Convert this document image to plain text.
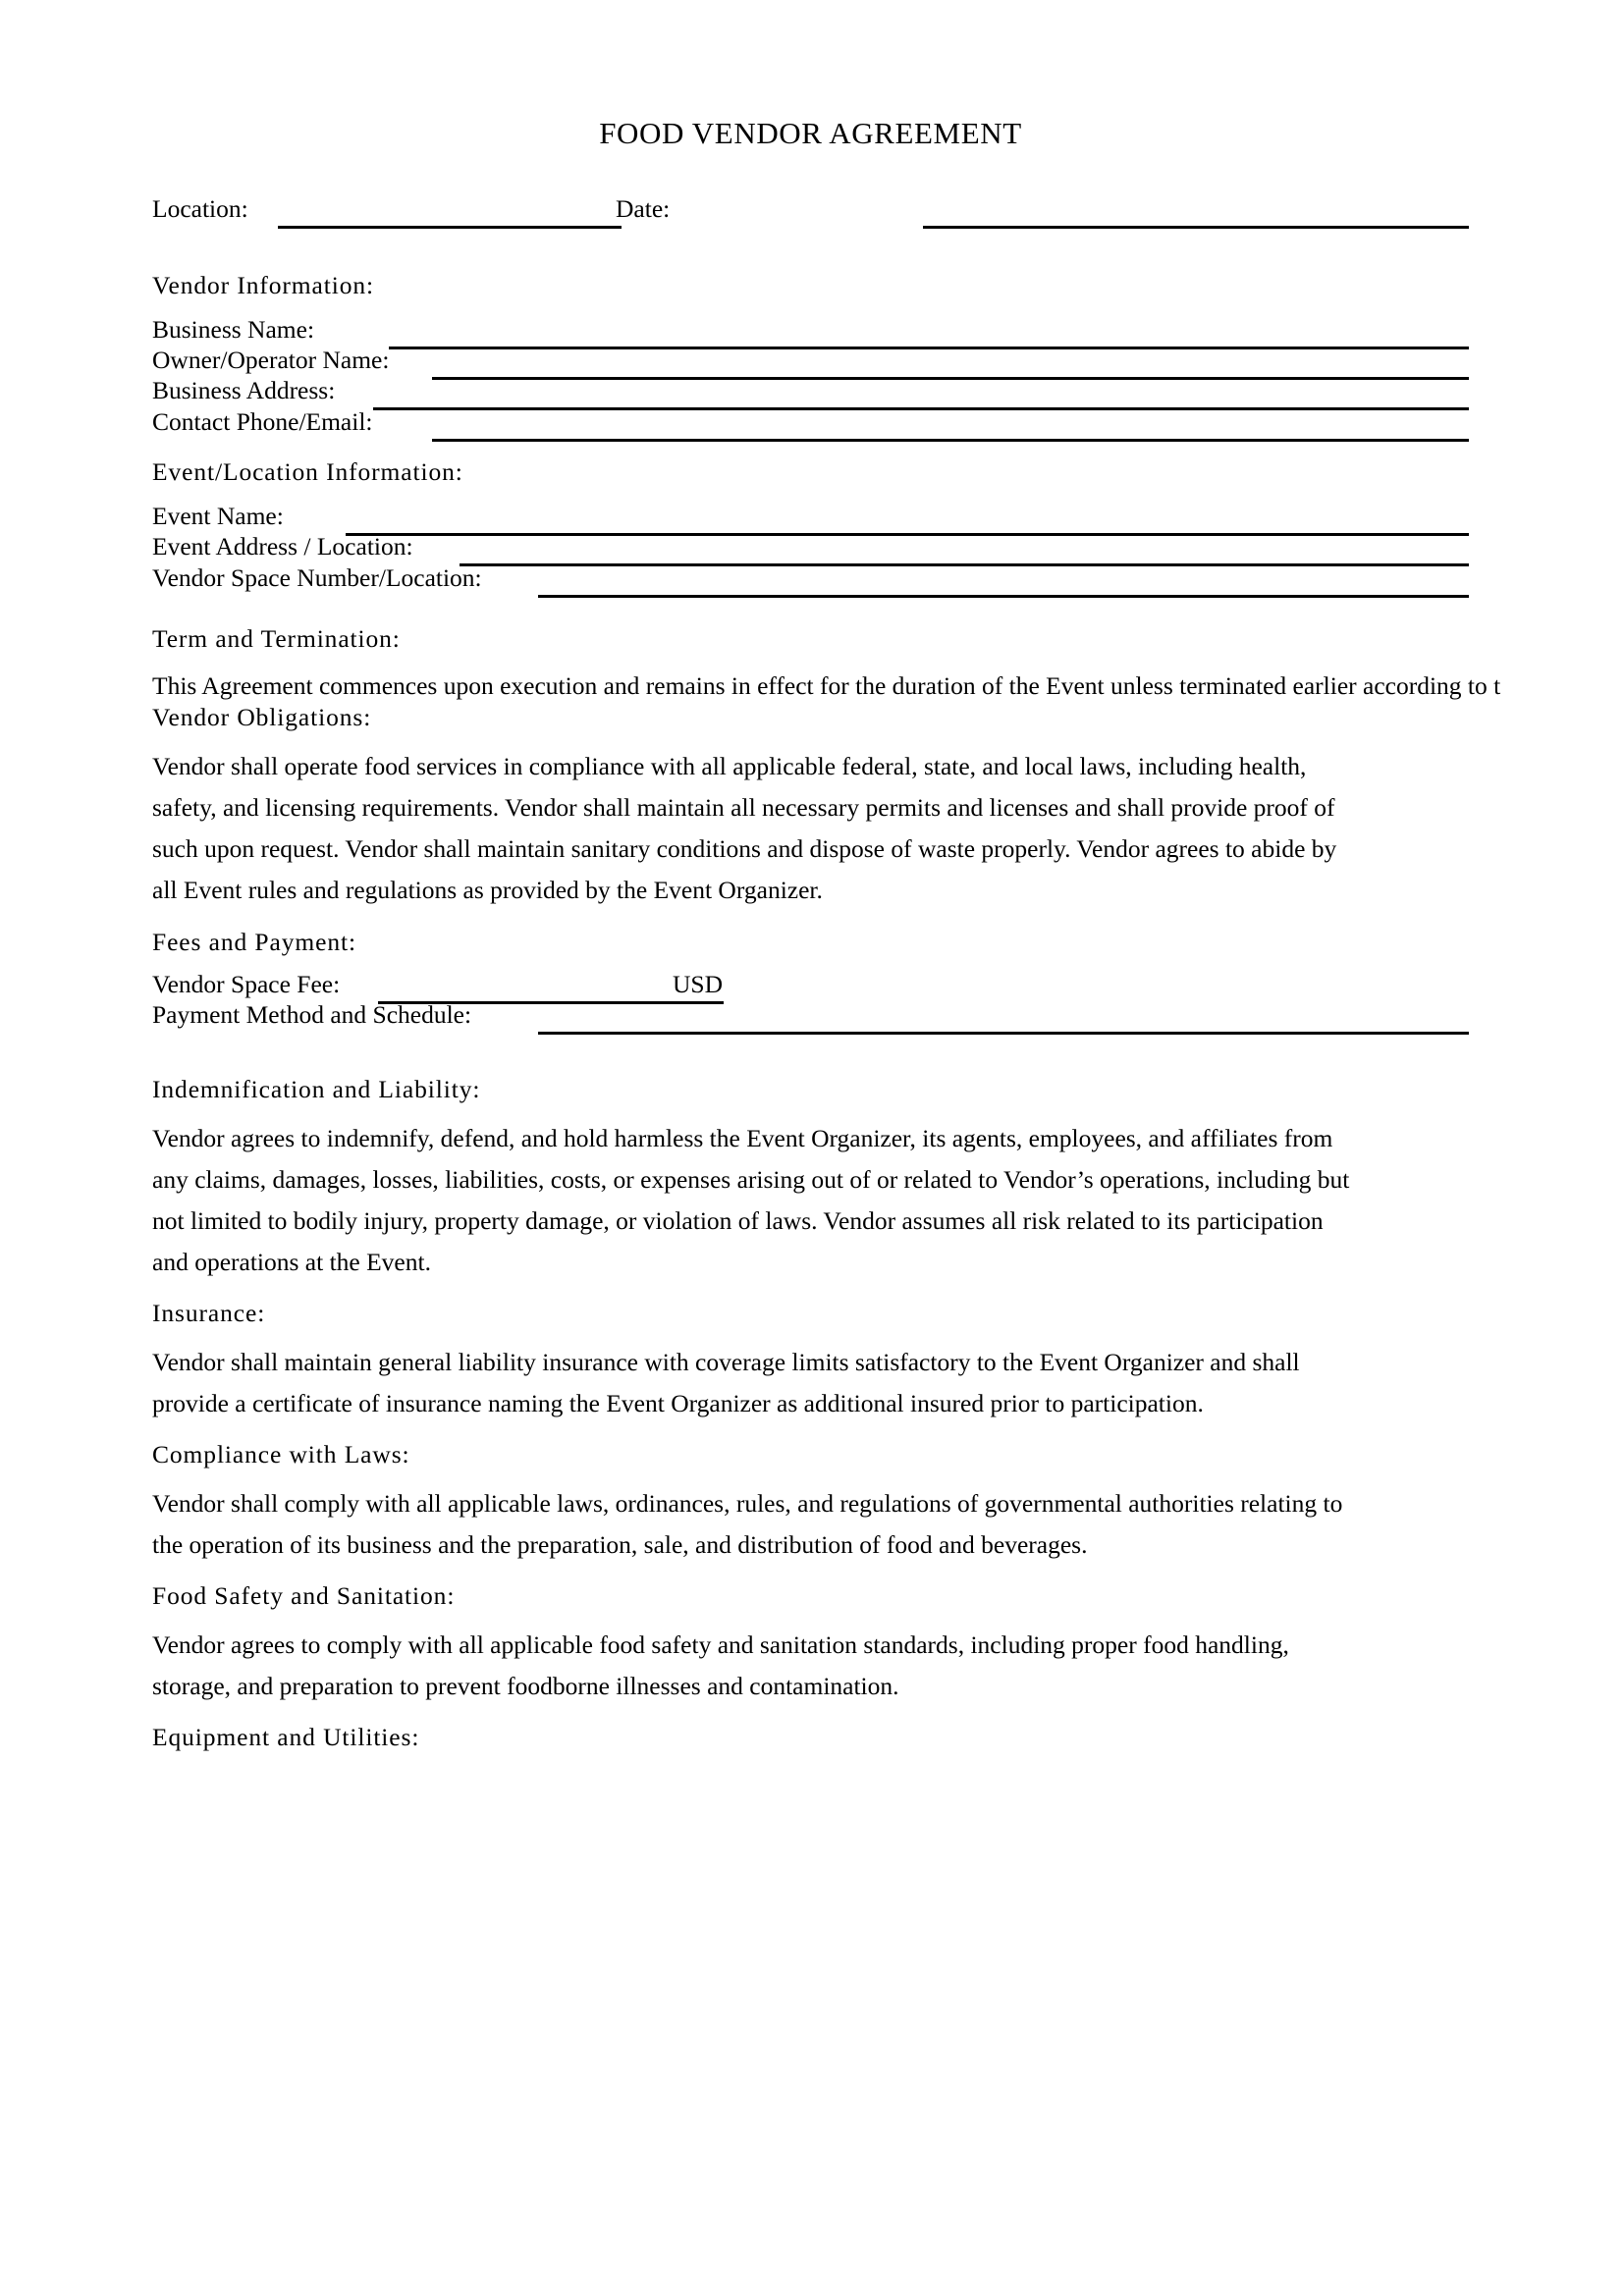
FOOD VENDOR AGREEMENT
Location:	Date:
Vendor Information:
Business Name:
Owner/Operator Name:
Business Address:
Contact Phone/Email:
Event/Location Information:
Event Name:
Event Address / Location:
Vendor Space Number/Location:
Term and Termination:
This Agreement commences upon execution and remains in effect for the duration of the Event unless terminated earlier according to t
Vendor Obligations:
Vendor shall operate food services in compliance with all applicable federal, state, and local laws, including health,
safety, and licensing requirements. Vendor shall maintain all necessary permits and licenses and shall provide proof of
such upon request. Vendor shall maintain sanitary conditions and dispose of waste properly. Vendor agrees to abide by
all Event rules and regulations as provided by the Event Organizer.
Fees and Payment:
Vendor Space Fee:	USD
Payment Method and Schedule:
Indemnification and Liability:
Vendor agrees to indemnify, defend, and hold harmless the Event Organizer, its agents, employees, and affiliates from
any claims, damages, losses, liabilities, costs, or expenses arising out of or related to Vendor’s operations, including but
not limited to bodily injury, property damage, or violation of laws. Vendor assumes all risk related to its participation
and operations at the Event.
Insurance:
Vendor shall maintain general liability insurance with coverage limits satisfactory to the Event Organizer and shall
provide a certificate of insurance naming the Event Organizer as additional insured prior to participation.
Compliance with Laws:
Vendor shall comply with all applicable laws, ordinances, rules, and regulations of governmental authorities relating to
the operation of its business and the preparation, sale, and distribution of food and beverages.
Food Safety and Sanitation:
Vendor agrees to comply with all applicable food safety and sanitation standards, including proper food handling,
storage, and preparation to prevent foodborne illnesses and contamination.
Equipment and Utilities:
